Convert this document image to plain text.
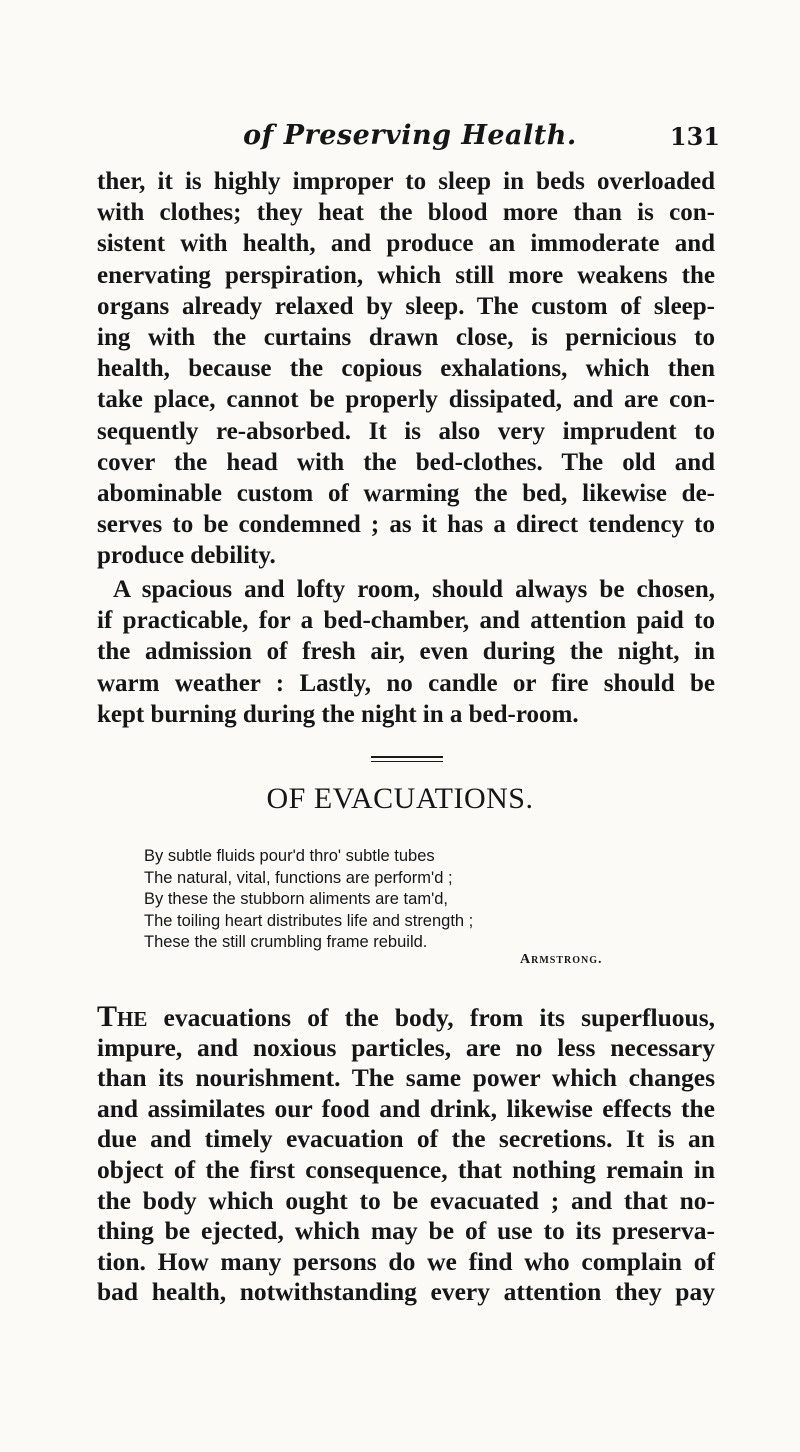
of Preserving Health.	131
ther, it is highly improper to sleep in beds overloaded
with clothes; they heat the blood more than is con-
sistent with health, and produce an immoderate and
enervating perspiration, which still more weakens the
organs already relaxed by sleep. The custom of sleep-
ing with the curtains drawn close, is pernicious to
health, because the copious exhalations, which then
take place, cannot be properly dissipated, and are con-
sequently re-absorbed. It is also very imprudent to
cover the head with the bed-clothes. The old and
abominable custom of warming the bed, likewise de-
serves to be condemned ; as it has a direct tendency to
produce debility.
A spacious and lofty room, should always be chosen,
if practicable, for a bed-chamber, and attention paid to
the admission of fresh air, even during the night, in
warm weather : Lastly, no candle or fire should be
kept burning during the night in a bed-room.
OF EVACUATIONS.
By subtle fluids pour'd thro' subtle tubes
The natural, vital, functions are perform'd ;
By these the stubborn aliments are tam'd,
The toiling heart distributes life and strength ;
These the still crumbling frame rebuild.
Armstrong.
The evacuations of the body, from its superfluous,
impure, and noxious particles, are no less necessary
than its nourishment. The same power which changes
and assimilates our food and drink, likewise effects the
due and timely evacuation of the secretions. It is an
object of the first consequence, that nothing remain in
the body which ought to be evacuated ; and that no-
thing be ejected, which may be of use to its preserva-
tion. How many persons do we find who complain of
bad health, notwithstanding every attention they pay
